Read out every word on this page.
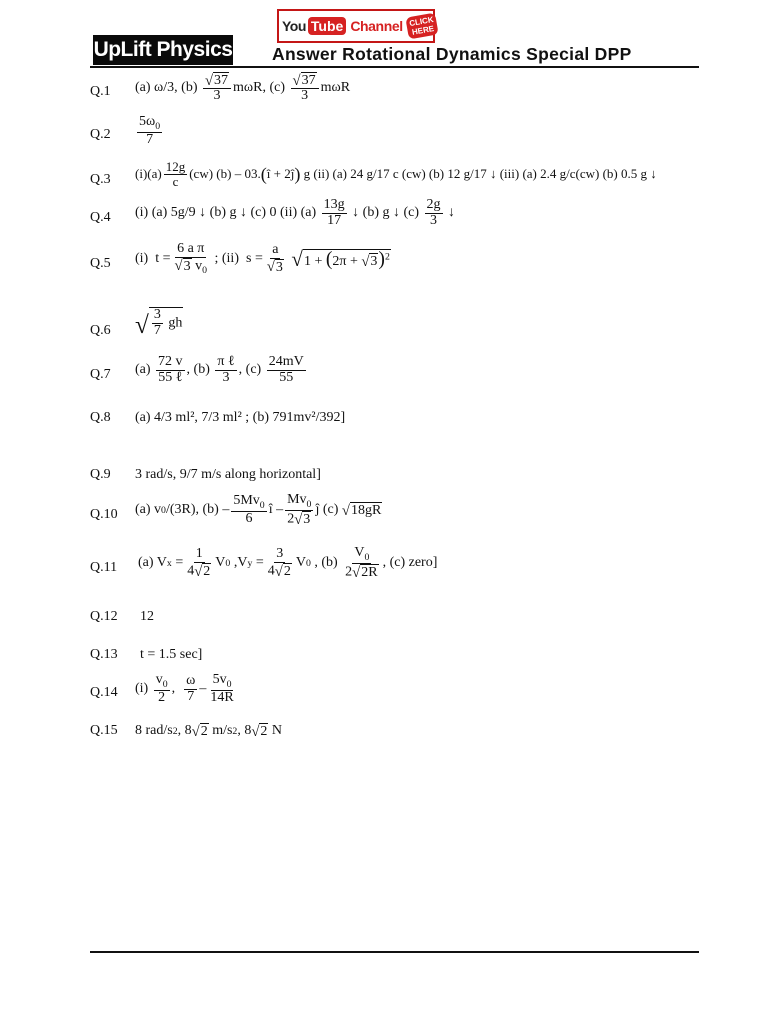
You Tube Channel CLICK HERE
UpLift Physics Answer Rotational Dynamics Special DPP
Q.1	(a)
ω/3,
(b)
$\frac{√ 37}{3}$ mωR ,
(c)
$\frac{√ 37}{3}$ mωR
Q.2	$\frac{5\omega_0}{7}$
Q.3	(i) $(a) \frac{12g}{c} (cw)$
(b)
– 03. ( î + 2ĵ )
g
(ii)
(a)
24 g/17 c (cw) (b) 12 g/17
↓
(iii)
(a)
2.4 g/c(cw) (b) 0.5 g
↓
Q.4	(i) (a) 5g/9
↓
(b) g
↓
(c) 0 (ii) (a)
$\frac{13g}{17}$
↓
(b) g
↓
(c)
$\frac{2g}{3}$
↓
Q.5	(i)
t
= $\frac{\text{6 a π}}{√ 3 v_0}$
;
(ii)
s
= $\frac{a}{√ 3}$
√ 1 + (2π + √ 3 )$^2$
Q.6 √ $\frac{3}{7}$ gh
Q.7	(a)
$\frac{72 v}{\text{55 ℓ}}$ ,
(b)
$\frac{\text{π ℓ}}{3}$ ,
(c)
$\frac{24mV}{55}$
Q.8	(a) 4/3 ml², 7/3 ml² ; (b) 791mv²/392]
Q.9	3 rad/s, 9/7 m/s along horizontal]
Q.10	(a) v 0 /(3R), (b)
– $\frac{5Mv_0}{6}$ î
– $\frac{Mv_0}{2 √ 3}$ ĵ
(c)
√ 18gR
Q.11	(a) V x
= $\frac{1}{4 √ 2}$ V 0
, V y
= $\frac{3}{4 √ 2}$ V 0
,
(b)
$\frac{V_0}{2 √ 2R}$ , (c) zero]
Q.12	12
Q.13	t = 1.5 sec]
Q.14	(i)
$\frac{v_0}{2}$ ,
$\frac{\omega}{7} - \frac{5v_0}{14R}$
Q.15	8 rad/s 2 , 8 √ 2
m/s 2 , 8 √ 2
N
